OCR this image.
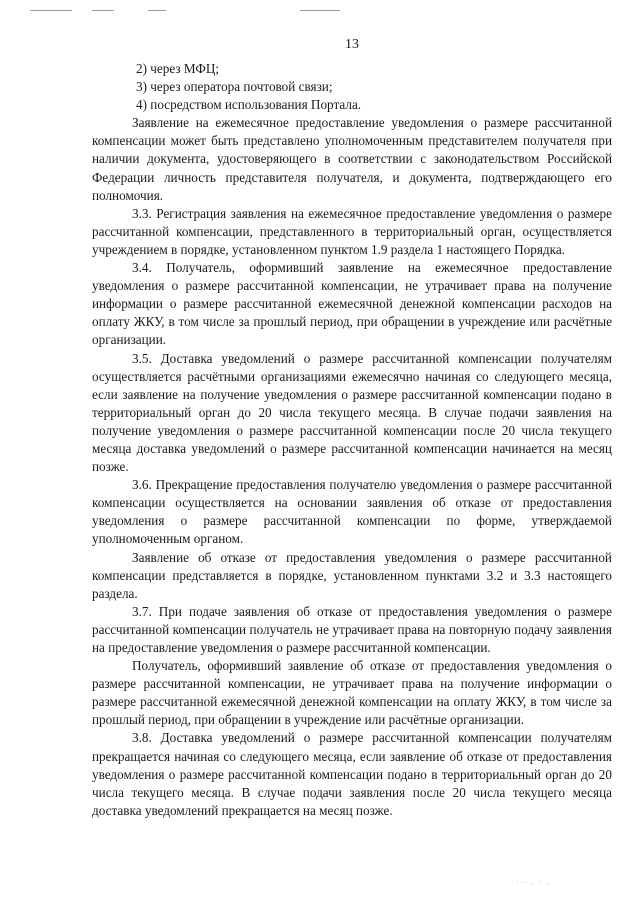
13
2) через МФЦ;
3) через оператора почтовой связи;
4) посредством использования Портала.

Заявление на ежемесячное предоставление уведомления о размере рассчитанной компенсации может быть представлено уполномоченным представителем получателя при наличии документа, удостоверяющего в соответствии с законодательством Российской Федерации личность представителя получателя, и документа, подтверждающего его полномочия.

3.3. Регистрация заявления на ежемесячное предоставление уведомления о размере рассчитанной компенсации, представленного в территориальный орган, осуществляется учреждением в порядке, установленном пунктом 1.9 раздела 1 настоящего Порядка.

3.4. Получатель, оформивший заявление на ежемесячное предоставление уведомления о размере рассчитанной компенсации, не утрачивает права на получение информации о размере рассчитанной ежемесячной денежной компенсации расходов на оплату ЖКУ, в том числе за прошлый период, при обращении в учреждение или расчётные организации.

3.5. Доставка уведомлений о размере рассчитанной компенсации получателям осуществляется расчётными организациями ежемесячно начиная со следующего месяца, если заявление на получение уведомления о размере рассчитанной компенсации подано в территориальный орган до 20 числа текущего месяца. В случае подачи заявления на получение уведомления о размере рассчитанной компенсации после 20 числа текущего месяца доставка уведомлений о размере рассчитанной компенсации начинается на месяц позже.

3.6. Прекращение предоставления получателю уведомления о размере рассчитанной компенсации осуществляется на основании заявления об отказе от предоставления уведомления о размере рассчитанной компенсации по форме, утверждаемой уполномоченным органом.

Заявление об отказе от предоставления уведомления о размере рассчитанной компенсации представляется в порядке, установленном пунктами 3.2 и 3.3 настоящего раздела.

3.7. При подаче заявления об отказе от предоставления уведомления о размере рассчитанной компенсации получатель не утрачивает права на повторную подачу заявления на предоставление уведомления о размере рассчитанной компенсации.

Получатель, оформивший заявление об отказе от предоставления уведомления о размере рассчитанной компенсации, не утрачивает права на получение информации о размере рассчитанной ежемесячной денежной компенсации на оплату ЖКУ, в том числе за прошлый период, при обращении в учреждение или расчётные организации.

3.8. Доставка уведомлений о размере рассчитанной компенсации получателям прекращается начиная со следующего месяца, если заявление об отказе от предоставления уведомления о размере рассчитанной компенсации подано в территориальный орган до 20 числа текущего месяца. В случае подачи заявления после 20 числа текущего месяца доставка уведомлений прекращается на месяц позже.

˙˙˙· ˙ ·
